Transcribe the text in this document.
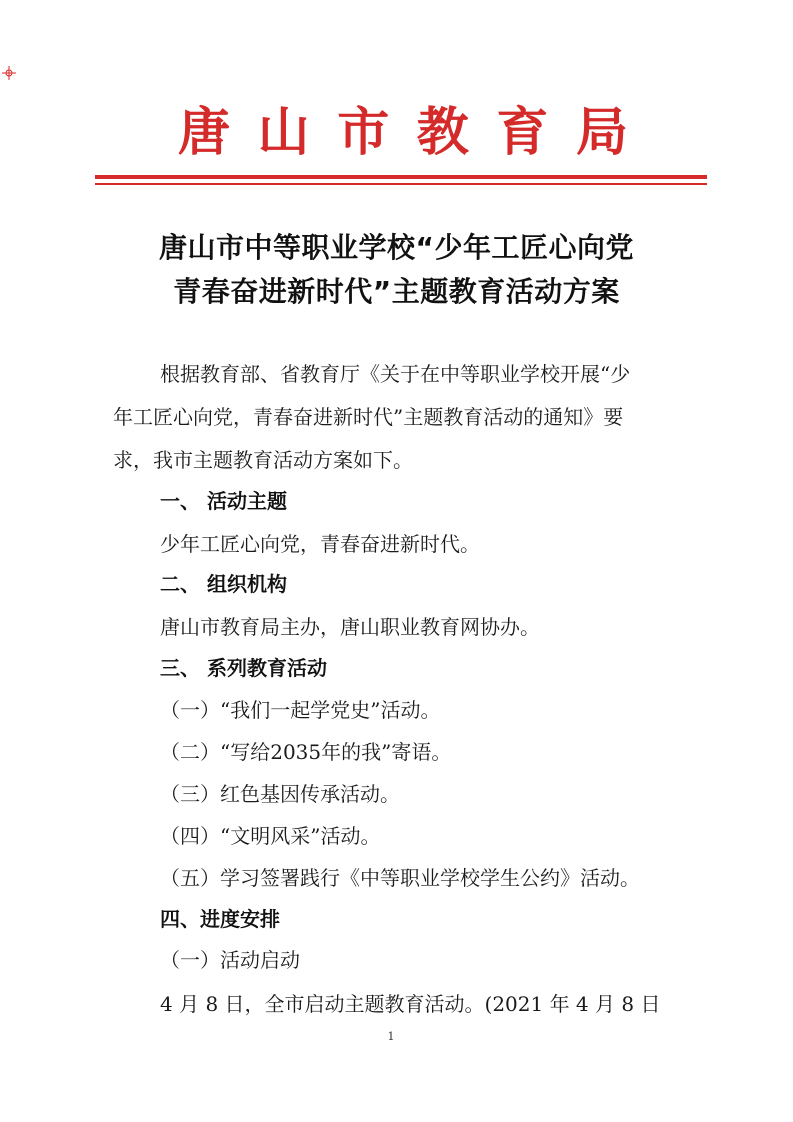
唐 山 市 教 育 局
唐山市中等职业学校“少年工匠心向党
青春奋进新时代”主题教育活动方案
根据教育部、省教育厅《关于在中等职业学校开展“少
年工匠心向党，青春奋进新时代”主题教育活动的通知》要
求，我市主题教育活动方案如下。
一、 活动主题
少年工匠心向党，青春奋进新时代。
二、 组织机构
唐山市教育局主办，唐山职业教育网协办。
三、 系列教育活动
（一）“我们一起学党史”活动。
（二）“写给2035年的我”寄语。
（三）红色基因传承活动。
（四）“文明风采”活动。
（五）学习签署践行《中等职业学校学生公约》活动。
四、进度安排
（一）活动启动
4 月 8 日，全市启动主题教育活动。(2021 年 4 月 8 日
1
